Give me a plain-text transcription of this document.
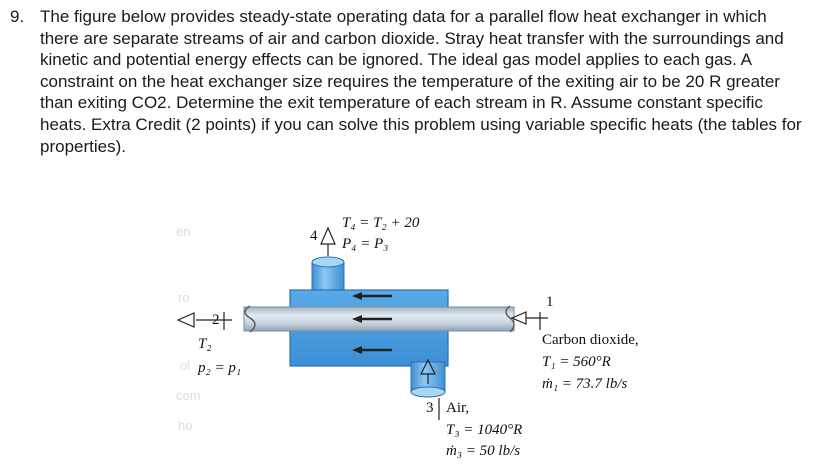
9. The figure below provides steady-state operating data for a parallel flow heat exchanger in which there are separate streams of air and carbon dioxide. Stray heat transfer with the surroundings and kinetic and potential energy effects can be ignored. The ideal gas model applies to each gas. A constraint on the heat exchanger size requires the temperature of the exiting air to be 20 R greater than exiting CO2. Determine the exit temperature of each stream in R. Assume constant specific heats. Extra Credit (2 points) if you can solve this problem using variable specific heats (the tables for properties).
en
ro
ol
com
ho
4
T₄ = T₂ + 20
P₄ = P₃
2
T₂
p₂ = p₁
1
Carbon dioxide,
T₁ = 560°R
ṁ₁ = 73.7 lb/s
3 Air,
T₃ = 1040°R
ṁ₃ = 50 lb/s
